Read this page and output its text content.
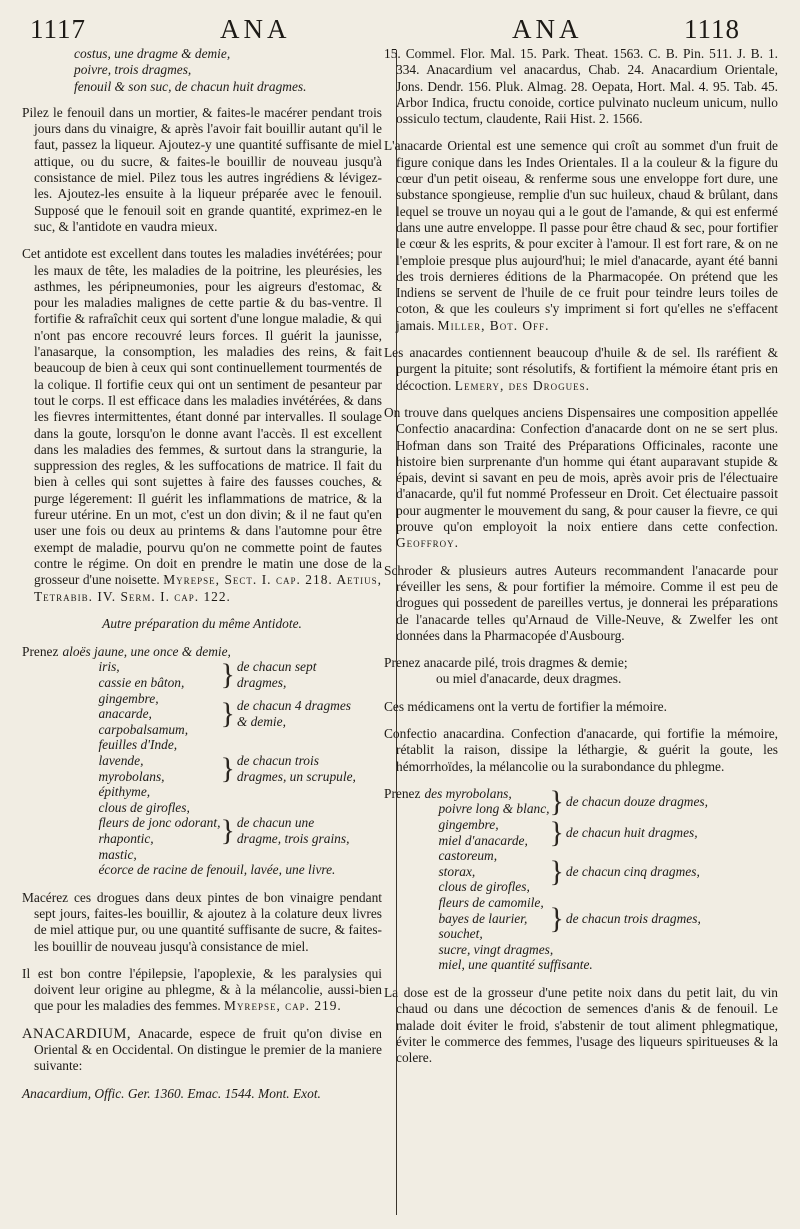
1117	ANA	ANA	1118
costus, une dragme & demie,
poivre, trois dragmes,
fenouil & son suc, de chacun huit dragmes.

Pilez le fenouil dans un mortier, & faites-le macérer pendant trois jours dans du vinaigre, & après l'avoir fait bouillir autant qu'il le faut, passez la liqueur. Ajoutez-y une quantité suffisante de miel attique, ou du sucre, & faites-le bouillir de nouveau jusqu'à consistance de miel. Pilez tous les autres ingrédiens & lévigez-les. Ajoutez-les ensuite à la liqueur préparée avec le fenouil. Supposé que le fenouil soit en grande quantité, exprimez-en le suc, & l'antidote en vaudra mieux.

Cet antidote est excellent dans toutes les maladies invétérées; pour les maux de tête, les maladies de la poitrine, les pleurésies, les asthmes, les péripneumonies, pour les aigreurs d'estomac, & pour les maladies malignes de cette partie & du bas-ventre. Il fortifie & rafraîchit ceux qui sortent d'une longue maladie, & qui n'ont pas encore recouvré leurs forces. Il guérit la jaunisse, l'anasarque, la consomption, les maladies des reins, & fait beaucoup de bien à ceux qui sont continuellement tourmentés de la colique. Il fortifie ceux qui ont un sentiment de pesanteur par tout le corps. Il est efficace dans les maladies invétérées, & dans les fievres intermittentes, étant donné par intervalles. Il soulage dans la goute, lorsqu'on le donne avant l'accès. Il est excellent dans les maladies des femmes, & surtout dans la strangurie, la suppression des regles, & les suffocations de matrice. Il fait du bien à celles qui sont sujettes à faire des fausses couches, & purge légerement: Il guérit les inflammations de matrice, & la fureur utérine. En un mot, c'est un don divin; & il ne faut qu'en user une fois ou deux au printems & dans l'automne pour être exempt de maladie, pourvu qu'on ne commette point de fautes contre le régime. On doit en prendre le matin une dose de la grosseur d'une noisette. Myrepse, Sect. I. cap. 218. Aetius, Tetrabib. IV. Serm. I. cap. 122.

Autre préparation du même Antidote.
Prenez	aloës jaune, une once & demie,		

	iris,
cassie en bâton,	}	de chacun sept dragmes,

	gingembre,
anacarde,
carpobalsamum,	}	de chacun 4 dragmes & demie,

	feuilles d'Inde,
lavende,
myrobolans,
épithyme,	}	de chacun trois dragmes, un scrupule,

	clous de girofles,
fleurs de jonc odorant,
rhapontic,
mastic,	}	de chacun une dragme, trois grains,
	écorce de racine de fenouil, lavée, une livre.		

Macérez ces drogues dans deux pintes de bon vinaigre pendant sept jours, faites-les bouillir, & ajoutez à la colature deux livres de miel attique pur, ou une quantité suffisante de sucre, & faites-les bouillir de nouveau jusqu'à consistance de miel.

Il est bon contre l'épilepsie, l'apoplexie, & les paralysies qui doivent leur origine au phlegme, & à la mélancolie, aussi-bien que pour les maladies des femmes. Myrepse, cap. 219.

ANACARDIUM, Anacarde, espece de fruit qu'on divise en Oriental & en Occidental. On distingue le premier de la maniere suivante:

Anacardium, Offic. Ger. 1360. Emac. 1544. Mont. Exot.

15. Commel. Flor. Mal. 15. Park. Theat. 1563. C. B. Pin. 511. J. B. 1. 334. Anacardium vel anacardus, Chab. 24. Anacardium Orientale, Jons. Dendr. 156. Pluk. Almag. 28. Oepata, Hort. Mal. 4. 95. Tab. 45. Arbor Indica, fructu conoide, cortice pulvinato nucleum unicum, nullo ossiculo tectum, claudente, Raii Hist. 2. 1566.

L'anacarde Oriental est une semence qui croît au sommet d'un fruit de figure conique dans les Indes Orientales. Il a la couleur & la figure du cœur d'un petit oiseau, & renferme sous une enveloppe fort dure, une substance spongieuse, remplie d'un suc huileux, chaud & brûlant, dans lequel se trouve un noyau qui a le gout de l'amande, & qui est enfermé dans une autre enveloppe. Il passe pour être chaud & sec, pour fortifier le cœur & les esprits, & pour exciter à l'amour. Il est fort rare, & on ne l'emploie presque plus aujourd'hui; le miel d'anacarde, ayant été banni des trois dernieres éditions de la Pharmacopée. On prétend que les Indiens se servent de l'huile de ce fruit pour teindre leurs toiles de coton, & que les couleurs s'y impriment si fort qu'elles ne s'effacent jamais. Miller, Bot. Off.

Les anacardes contiennent beaucoup d'huile & de sel. Ils raréfient & purgent la pituite; sont résolutifs, & fortifient la mémoire étant pris en décoction. Lemery, des Drogues.

On trouve dans quelques anciens Dispensaires une composition appellée Confectio anacardina: Confection d'anacarde dont on ne se sert plus. Hofman dans son Traité des Préparations Officinales, raconte une histoire bien surprenante d'un homme qui étant auparavant stupide & épais, devint si savant en peu de mois, après avoir pris de l'électuaire d'anacarde, qu'il fut nommé Professeur en Droit. Cet électuaire passoit pour augmenter le mouvement du sang, & pour causer la fievre, ce qui prouve qu'on employoit la noix entiere dans cette confection. Geoffroy.

Schroder & plusieurs autres Auteurs recommandent l'anacarde pour réveiller les sens, & pour fortifier la mémoire. Comme il est peu de drogues qui possedent de pareilles vertus, je donnerai les préparations de l'anacarde telles qu'Arnaud de Ville-Neuve, & Zwelfer les ont données dans la Pharmacopée d'Ausbourg.

Prenez anacarde pilé, trois dragmes & demie;
ou miel d'anacarde, deux dragmes.

Ces médicamens ont la vertu de fortifier la mémoire.

Confectio anacardina. Confection d'anacarde, qui fortifie la mémoire, rétablit la raison, dissipe la léthargie, & guérit la goute, les hémorrhoïdes, la mélancolie ou la surabondance du phlegme.

Prenez	des myrobolans,
poivre long & blanc,	}	de chacun douze dragmes,

	gingembre,
miel d'anacarde,	}	de chacun huit dragmes,

	castoreum,
storax,
clous de girofles,	}	de chacun cinq dragmes,

	fleurs de camomile,
bayes de laurier,
souchet,	}	de chacun trois dragmes,

	sucre, vingt dragmes,
miel, une quantité suffisante.		

La dose est de la grosseur d'une petite noix dans du petit lait, du vin chaud ou dans une décoction de semences d'anis & de fenouil. Le malade doit éviter le froid, s'abstenir de tout aliment phlegmatique, éviter le commerce des femmes, l'usage des liqueurs spiritueuses & la colere.
